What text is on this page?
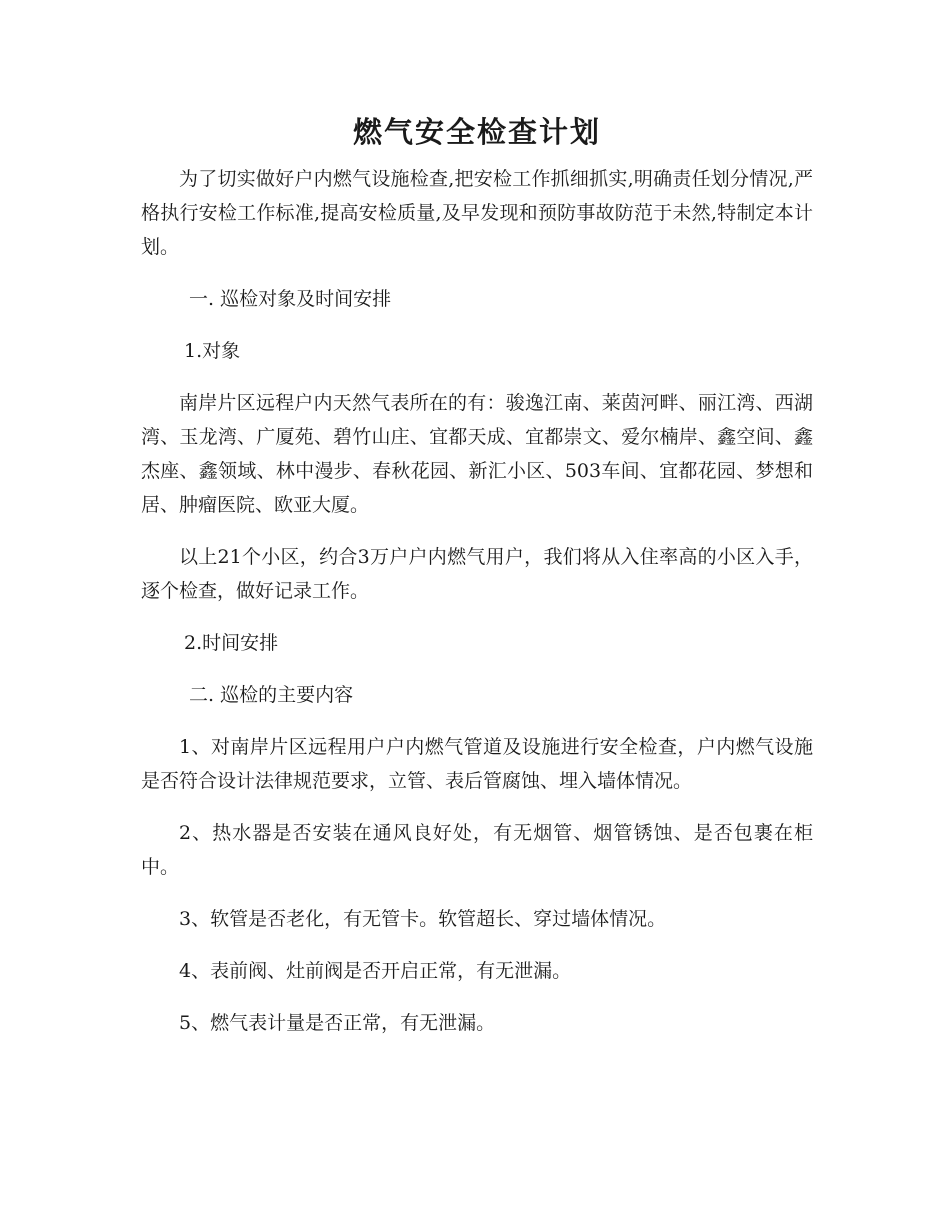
燃气安全检查计划

为了切实做好户内燃气设施检查,把安检工作抓细抓实,明确责任划分情况,严格执行安检工作标准,提高安检质量,及早发现和预防事故防范于未然,特制定本计划。

一. 巡检对象及时间安排

1.对象

南岸片区远程户内天然气表所在的有：骏逸江南、莱茵河畔、丽江湾、西湖湾、玉龙湾、广厦苑、碧竹山庄、宜都天成、宜都崇文、爱尔楠岸、鑫空间、鑫杰座、鑫领域、林中漫步、春秋花园、新汇小区、503车间、宜都花园、梦想和居、肿瘤医院、欧亚大厦。

以上21个小区，约合3万户户内燃气用户，我们将从入住率高的小区入手，逐个检查，做好记录工作。

2.时间安排

二. 巡检的主要内容

1、对南岸片区远程用户户内燃气管道及设施进行安全检查，户内燃气设施是否符合设计法律规范要求，立管、表后管腐蚀、埋入墙体情况。

2、热水器是否安装在通风良好处，有无烟管、烟管锈蚀、是否包裹在柜中。

3、软管是否老化，有无管卡。软管超长、穿过墙体情况。

4、表前阀、灶前阀是否开启正常，有无泄漏。

5、燃气表计量是否正常，有无泄漏。
